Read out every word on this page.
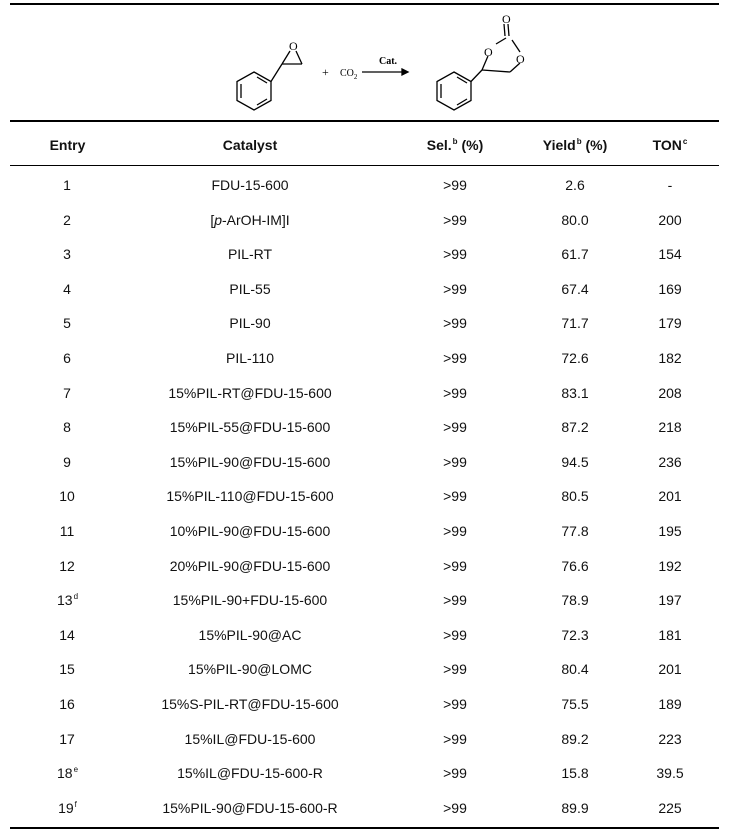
O	O O
O
+ $CO_2$
Cat.
Entry	Catalyst	Sel.$^b$ (%)	Yield$^b$ (%)	TON$^c$
1	FDU-15-600	>99	2.6	-
2	[p-ArOH-IM]I	>99	80.0	200
3	PIL-RT	>99	61.7	154
4	PIL-55	>99	67.4	169
5	PIL-90	>99	71.7	179
6	PIL-110	>99	72.6	182
7	15%PIL-RT@FDU-15-600	>99	83.1	208
8	15%PIL-55@FDU-15-600	>99	87.2	218
9	15%PIL-90@FDU-15-600	>99	94.5	236
10	15%PIL-110@FDU-15-600	>99	80.5	201
11	10%PIL-90@FDU-15-600	>99	77.8	195
12	20%PIL-90@FDU-15-600	>99	76.6	192
13$^d$	15%PIL-90+FDU-15-600	>99	78.9	197
14	15%PIL-90@AC	>99	72.3	181
15	15%PIL-90@LOMC	>99	80.4	201
16	15%S-PIL-RT@FDU-15-600	>99	75.5	189
17	15%IL@FDU-15-600	>99	89.2	223
18e	15%IL@FDU-15-600-R	>99	15.8	39.5
19$^f$	15%PIL-90@FDU-15-600-R	>99	89.9	225
